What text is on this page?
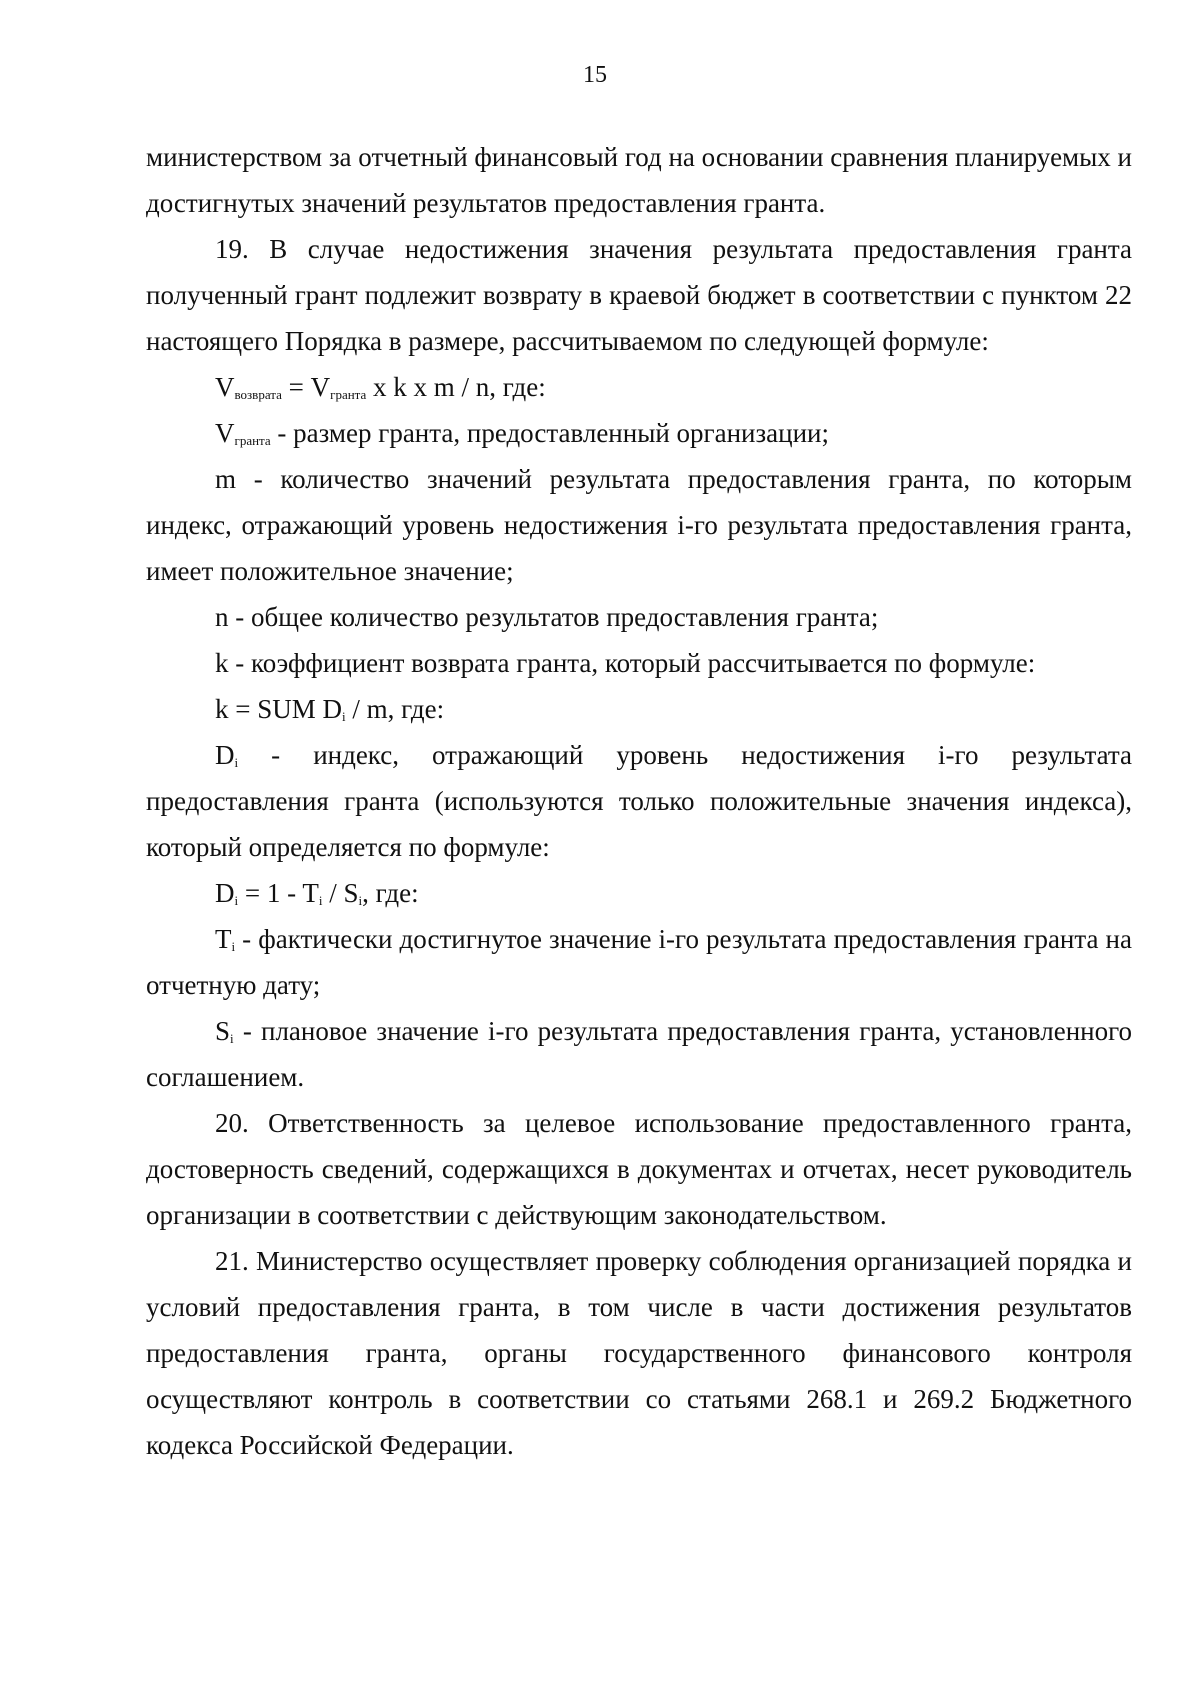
15

министерством за отчетный финансовый год на основании сравнения планируемых и достигнутых значений результатов предоставления гранта.

19. В случае недостижения значения результата предоставления гранта полученный грант подлежит возврату в краевой бюджет в соответствии с пунктом 22 настоящего Порядка в размере, рассчитываемом по следующей формуле:

$V_{возврата} = V_{гранта}$ x k x m / n, где:

$V_{гранта}$ - размер гранта, предоставленный организации;

m - количество значений результата предоставления гранта, по которым индекс, отражающий уровень недостижения i-го результата предоставления гранта, имеет положительное значение;

n - общее количество результатов предоставления гранта;

k - коэффициент возврата гранта, который рассчитывается по формуле:

k = SUM $D_i$ / m, где:

$D_i$ - индекс, отражающий уровень недостижения i-го результата предоставления гранта (используются только положительные значения индекса), который определяется по формуле:

$D_i = 1 - T_i / S_i$, где:

$T_i$ - фактически достигнутое значение i-го результата предоставления гранта на отчетную дату;

$S_i$ - плановое значение i-го результата предоставления гранта, установленного соглашением.

20. Ответственность за целевое использование предоставленного гранта, достоверность сведений, содержащихся в документах и отчетах, несет руководитель организации в соответствии с действующим законодательством.

21. Министерство осуществляет проверку соблюдения организацией порядка и условий предоставления гранта, в том числе в части достижения результатов предоставления гранта, органы государственного финансового контроля осуществляют контроль в соответствии со статьями 268.1 и 269.2 Бюджетного кодекса Российской Федерации.
